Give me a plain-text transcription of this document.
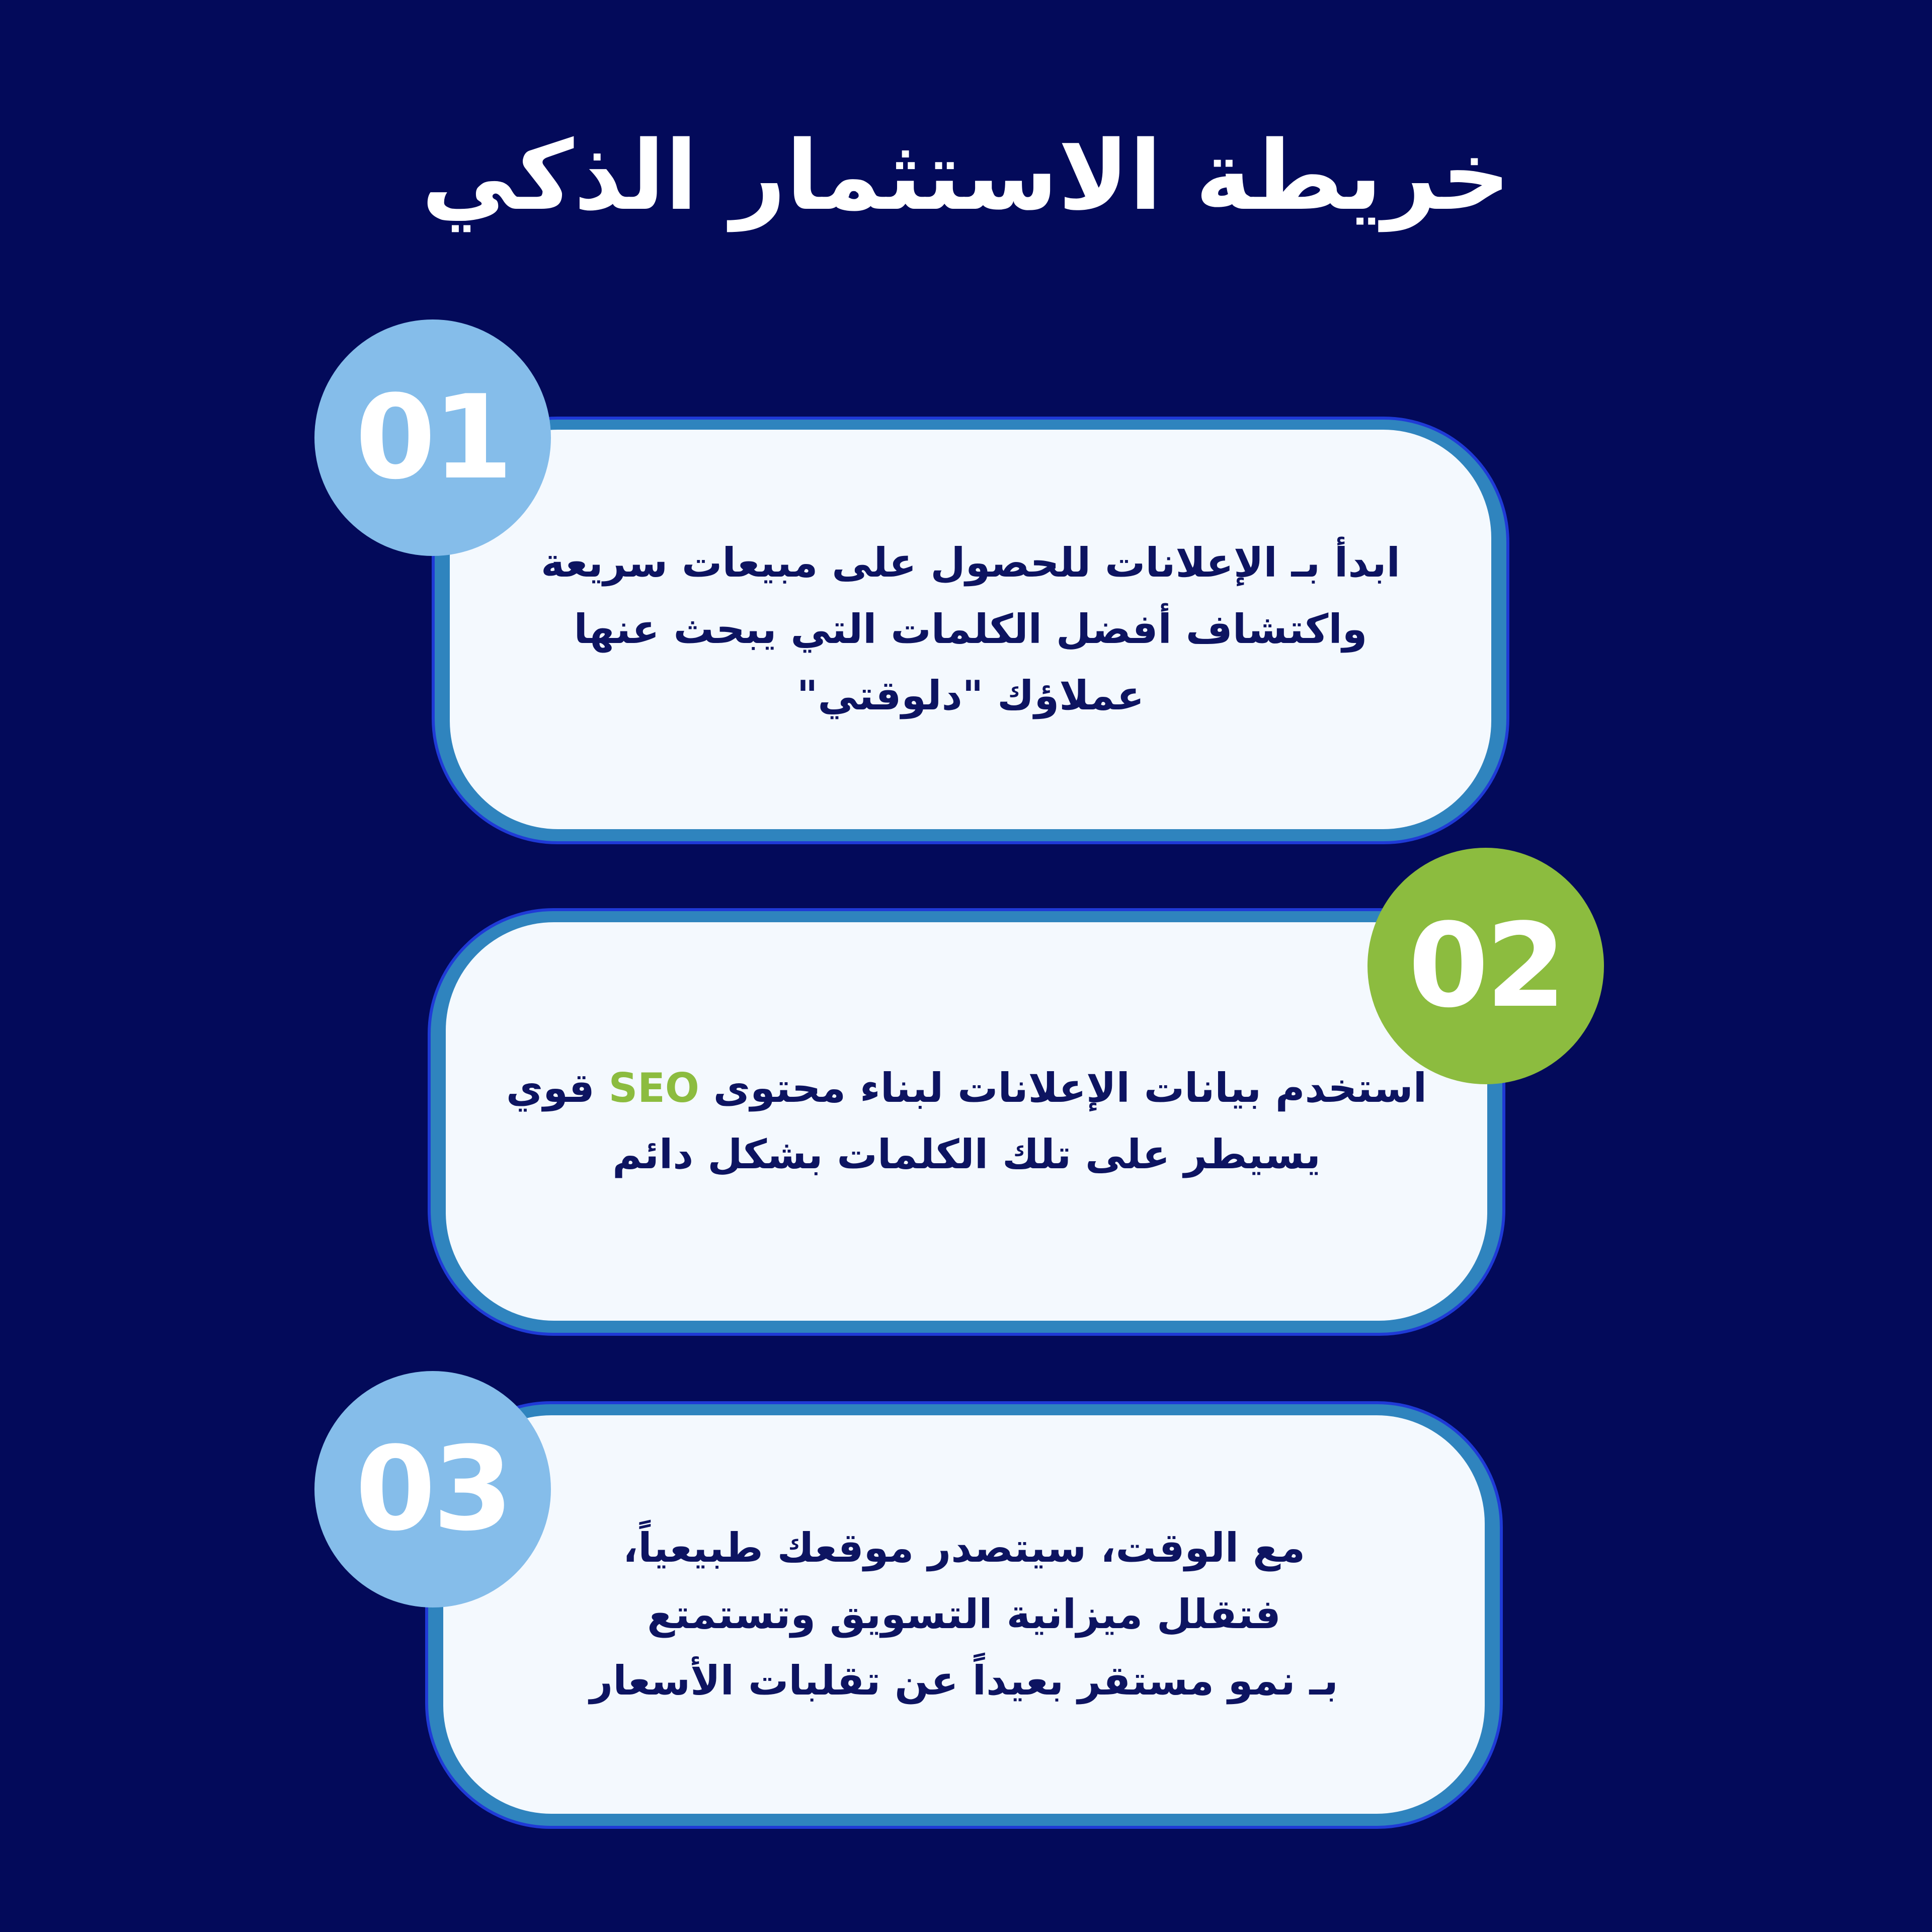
خريطة الاستثمار الذكي

ابدأ بـ الإعلانات للحصول على مبيعات سريعة
واكتشاف أفضل الكلمات التي يبحث عنها
عملاؤك "دلوقتي"

01

استخدم بيانات الإعلانات لبناء محتوى SEO قوي
يسيطر على تلك الكلمات بشكل دائم

02

مع الوقت، سيتصدر موقعك طبيعياً،
فتقلل ميزانية التسويق وتستمتع
بـ نمو مستقر بعيداً عن تقلبات الأسعار

03
